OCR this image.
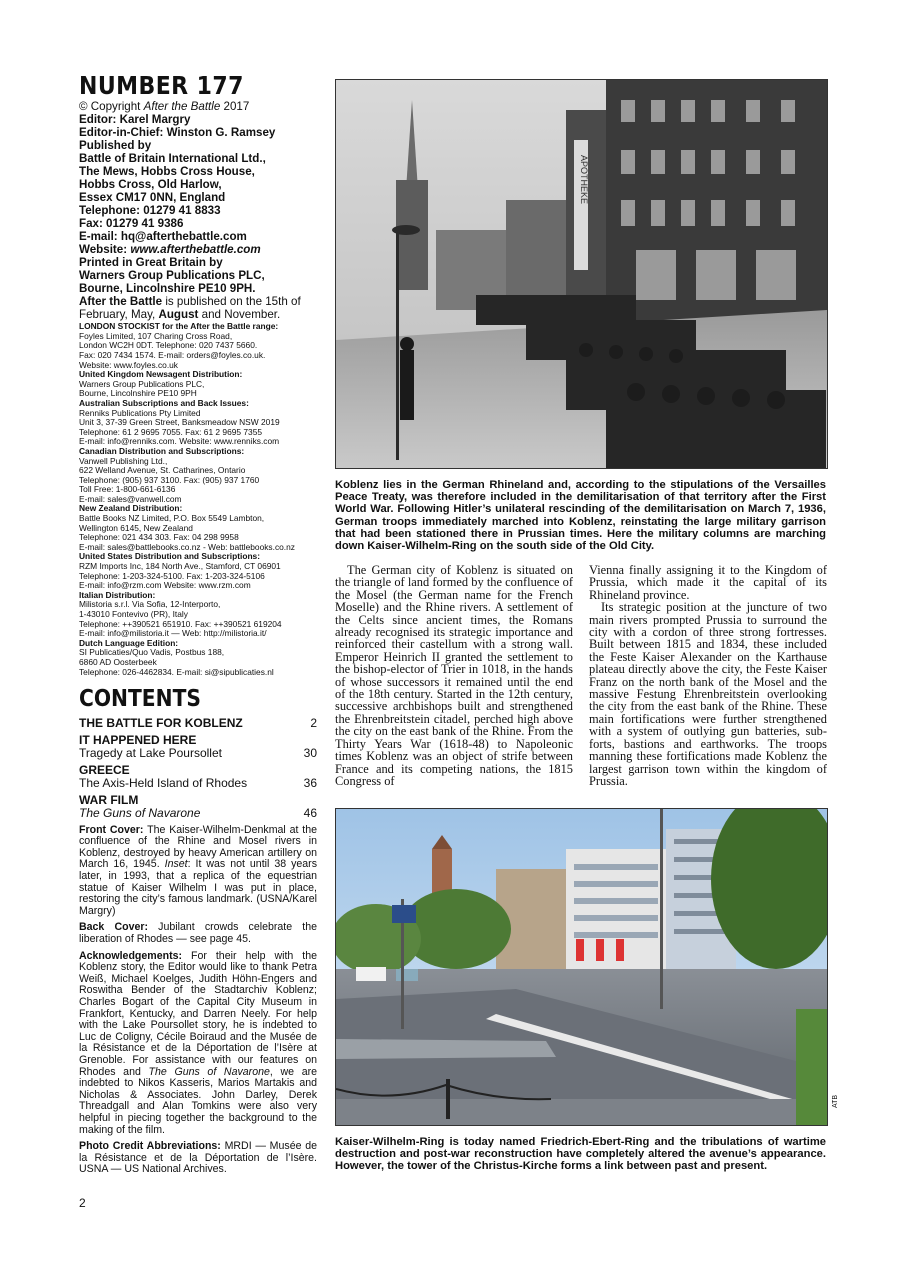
NUMBER 177
© Copyright After the Battle 2017
Editor: Karel Margry
Editor-in-Chief: Winston G. Ramsey
Published by
Battle of Britain International Ltd.,
The Mews, Hobbs Cross House,
Hobbs Cross, Old Harlow,
Essex CM17 0NN, England
Telephone: 01279 41 8833
Fax: 01279 41 9386
E-mail: hq@afterthebattle.com
Website: www.afterthebattle.com
Printed in Great Britain by
Warners Group Publications PLC,
Bourne, Lincolnshire PE10 9PH.
After the Battle is published on the 15th of February, May, August and November.
LONDON STOCKIST for the After the Battle range:
Foyles Limited, 107 Charing Cross Road,
London WC2H 0DT. Telephone: 020 7437 5660.
Fax: 020 7434 1574. E-mail: orders@foyles.co.uk.
Website: www.foyles.co.uk
United Kingdom Newsagent Distribution:
Warners Group Publications PLC,
Bourne, Lincolnshire PE10 9PH
Australian Subscriptions and Back Issues:
Renniks Publications Pty Limited
Unit 3, 37-39 Green Street, Banksmeadow NSW 2019
Telephone: 61 2 9695 7055. Fax: 61 2 9695 7355
E-mail: info@renniks.com. Website: www.renniks.com
Canadian Distribution and Subscriptions:
Vanwell Publishing Ltd.,
622 Welland Avenue, St. Catharines, Ontario
Telephone: (905) 937 3100. Fax: (905) 937 1760
Toll Free: 1-800-661-6136
E-mail: sales@vanwell.com
New Zealand Distribution:
Battle Books NZ Limited, P.O. Box 5549 Lambton,
Wellington 6145, New Zealand
Telephone: 021 434 303. Fax: 04 298 9958
E-mail: sales@battlebooks.co.nz - Web: battlebooks.co.nz
United States Distribution and Subscriptions:
RZM Imports Inc, 184 North Ave., Stamford, CT 06901
Telephone: 1-203-324-5100. Fax: 1-203-324-5106
E-mail: info@rzm.com Website: www.rzm.com
Italian Distribution:
Milistoria s.r.l. Via Sofia, 12-Interporto,
1-43010 Fontevivo (PR), Italy
Telephone: ++390521 651910. Fax: ++390521 619204
E-mail: info@milistoria.it — Web: http://milistoria.it/
Dutch Language Edition:
SI Publicaties/Quo Vadis, Postbus 188,
6860 AD Oosterbeek
Telephone: 026-4462834. E-mail: si@sipublicaties.nl
CONTENTS
THE BATTLE FOR KOBLENZ	2
IT HAPPENED HERE
Tragedy at Lake Poursollet	30
GREECE
The Axis-Held Island of Rhodes	36
WAR FILM
The Guns of Navarone	46

Front Cover: The Kaiser-Wilhelm-Denkmal at the confluence of the Rhine and Mosel rivers in Koblenz, destroyed by heavy American artillery on March 16, 1945. Inset: It was not until 38 years later, in 1993, that a replica of the equestrian statue of Kaiser Wilhelm I was put in place, restoring the city’s famous landmark. (USNA/Karel Margry)

Back Cover: Jubilant crowds celebrate the liberation of Rhodes — see page 45.

Acknowledgements: For their help with the Koblenz story, the Editor would like to thank Petra Weiß, Michael Koelges, Judith Höhn-Engers and Roswitha Bender of the Stadtarchiv Koblenz; Charles Bogart of the Capital City Museum in Frankfort, Kentucky, and Darren Neely. For help with the Lake Poursollet story, he is indebted to Luc de Coligny, Cécile Boiraud and the Musée de la Résistance et de la Déportation de l’Isère at Grenoble. For assistance with our features on Rhodes and The Guns of Navarone, we are indebted to Nikos Kasseris, Marios Martakis and Nicholas & Associates. John Darley, Derek Threadgall and Alan Tomkins were also very helpful in piecing together the background to the making of the film.

Photo Credit Abbreviations: MRDI — Musée de la Résistance et de la Déportation de l’Isère. USNA — US National Archives.

APOTHEKE
Koblenz lies in the German Rhineland and, according to the stipulations of the Versailles Peace Treaty, was therefore included in the demilitarisation of that territory after the First World War. Following Hitler’s unilateral rescinding of the demilitarisation on March 7, 1936, German troops immediately marched into Koblenz, reinstating the large military garrison that had been stationed there in Prussian times. Here the military columns are marching down Kaiser-Wilhelm-Ring on the south side of the Old City.

The German city of Koblenz is situated on the triangle of land formed by the confluence of the Mosel (the German name for the French Moselle) and the Rhine rivers. A settlement of the Celts since ancient times, the Romans already recognised its strategic importance and reinforced their castellum with a strong wall. Emperor Heinrich II granted the settlement to the bishop-elector of Trier in 1018, in the hands of whose successors it remained until the end of the 18th century. Started in the 12th century, successive archbishops built and strengthened the Ehrenbreitstein citadel, perched high above the city on the east bank of the Rhine. From the Thirty Years War (1618-48) to Napoleonic times Koblenz was an object of strife between France and its competing nations, the 1815 Congress of

Vienna finally assigning it to the Kingdom of Prussia, which made it the capital of its Rhineland province.

Its strategic position at the juncture of two main rivers prompted Prussia to surround the city with a cordon of three strong fortresses. Built between 1815 and 1834, these included the Feste Kaiser Alexander on the Karthause plateau directly above the city, the Feste Kaiser Franz on the north bank of the Mosel and the massive Festung Ehrenbreitstein overlooking the city from the east bank of the Rhine. These main fortifications were further strengthened with a system of outlying gun batteries, sub-forts, bastions and earthworks. The troops manning these fortifications made Koblenz the largest garrison town within the kingdom of Prussia.

ATB
Kaiser-Wilhelm-Ring is today named Friedrich-Ebert-Ring and the tribulations of wartime destruction and post-war reconstruction have completely altered the avenue’s appearance. However, the tower of the Christus-Kirche forms a link between past and present.
2
